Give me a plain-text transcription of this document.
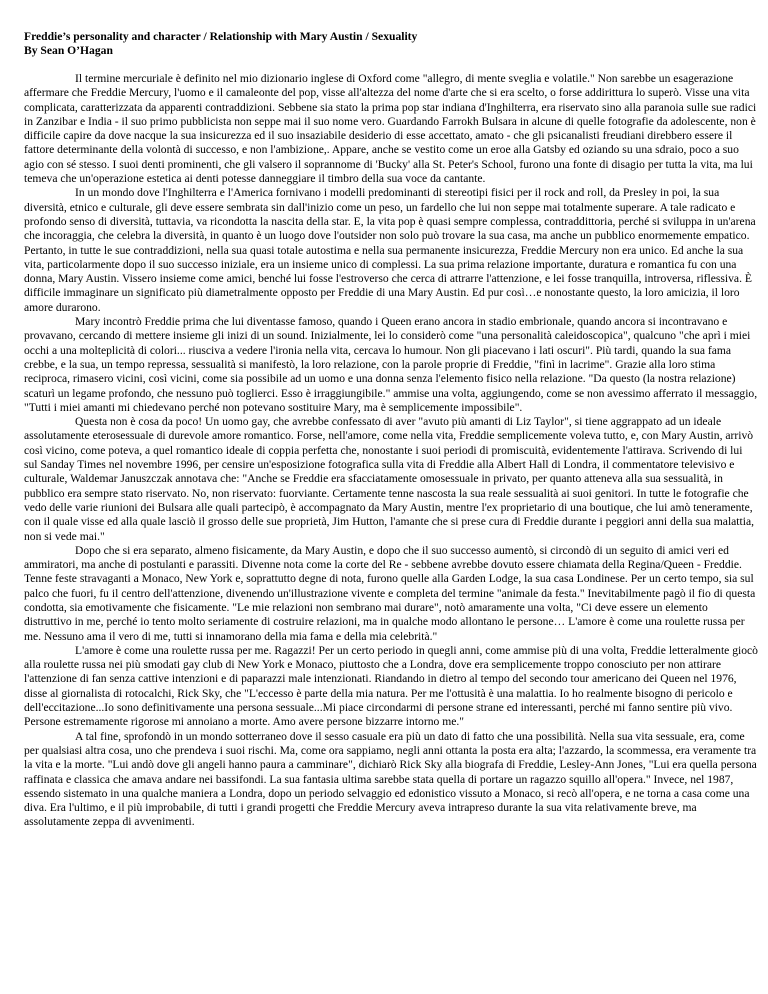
Freddie’s personality and character / Relationship with Mary Austin / Sexuality

By Sean O’Hagan

Il termine mercuriale è definito nel mio dizionario inglese di Oxford come "allegro, di mente sveglia e volatile." Non sarebbe un esagerazione affermare che Freddie Mercury, l'uomo e il camaleonte del pop, visse all'altezza del nome d'arte che si era scelto, o forse addirittura lo superò. Visse una vita complicata, caratterizzata da apparenti contraddizioni. Sebbene sia stato la prima pop star indiana d'Inghilterra, era riservato sino alla paranoia sulle sue radici in Zanzibar e India - il suo primo pubblicista non seppe mai il suo nome vero. Guardando Farrokh Bulsara in alcune di quelle fotografie da adolescente, non è difficile capire da dove nacque la sua insicurezza ed il suo insaziabile desiderio di esse accettato, amato - che gli psicanalisti freudiani direbbero essere il fattore determinante della volontà di successo, e non l'ambizione,. Appare, anche se vestito come un eroe alla Gatsby ed oziando su una sdraio, poco a suo agio con sé stesso. I suoi denti prominenti, che gli valsero il soprannome di 'Bucky' alla St. Peter's School, furono una fonte di disagio per tutta la vita, ma lui temeva che un'operazione estetica ai denti potesse danneggiare il timbro della sua voce da cantante.

In un mondo dove l'Inghilterra e l'America fornivano i modelli predominanti di stereotipi fisici per il rock and roll, da Presley in poi, la sua diversità, etnico e culturale, gli deve essere sembrata sin dall'inizio come un peso, un fardello che lui non seppe mai totalmente superare. A tale radicato e profondo senso di diversità, tuttavia, va ricondotta la nascita della star. E, la vita pop è quasi sempre complessa, contraddittoria, perché si sviluppa in un'arena che incoraggia, che celebra la diversità, in quanto è un luogo dove l'outsider non solo può trovare la sua casa, ma anche un pubblico enormemente empatico. Pertanto, in tutte le sue contraddizioni, nella sua quasi totale autostima e nella sua permanente insicurezza, Freddie Mercury non era unico. Ed anche la sua vita, particolarmente dopo il suo successo iniziale, era un insieme unico di complessi. La sua prima relazione importante, duratura e romantica fu con una donna, Mary Austin. Vissero insieme come amici, benché lui fosse l'estroverso che cerca di attrarre l'attenzione, e lei fosse tranquilla, introversa, riflessiva. È difficile immaginare un significato più diametralmente opposto per Freddie di una Mary Austin. Ed pur così…e nonostante questo, la loro amicizia, il loro amore durarono.

Mary incontrò Freddie prima che lui diventasse famoso, quando i Queen erano ancora in stadio embrionale, quando ancora si incontravano e provavano, cercando di mettere insieme gli inizi di un sound. Inizialmente, lei lo considerò come "una personalità caleidoscopica", qualcuno "che aprì i miei occhi a una molteplicità di colori... riusciva a vedere l'ironia nella vita, cercava lo humour. Non gli piacevano i lati oscuri". Più tardi, quando la sua fama crebbe, e la sua, un tempo repressa, sessualità si manifestò, la loro relazione, con la parole proprie di Freddie, "finì in lacrime". Grazie alla loro stima reciproca, rimasero vicini, così vicini, come sia possibile ad un uomo e una donna senza l'elemento fisico nella relazione. "Da questo (la nostra relazione) scaturì un legame profondo, che nessuno può toglierci. Esso è irraggiungibile." ammise una volta, aggiungendo, come se non avessimo afferrato il messaggio, "Tutti i miei amanti mi chiedevano perché non potevano sostituire Mary, ma è semplicemente impossibile".

Questa non è cosa da poco! Un uomo gay, che avrebbe confessato di aver "avuto più amanti di Liz Taylor", si tiene aggrappato ad un ideale assolutamente eterosessuale di durevole amore romantico. Forse, nell'amore, come nella vita, Freddie semplicemente voleva tutto, e, con Mary Austin, arrivò così vicino, come poteva, a quel romantico ideale di coppia perfetta che, nonostante i suoi periodi di promiscuità, evidentemente l'attirava. Scrivendo di lui sul Sanday Times nel novembre 1996, per censire un'esposizione fotografica sulla vita di Freddie alla Albert Hall di Londra, il commentatore televisivo e culturale, Waldemar Januszczak annotava che: "Anche se Freddie era sfacciatamente omosessuale in privato, per quanto atteneva alla sua sessualità, in pubblico era sempre stato riservato. No, non riservato: fuorviante. Certamente tenne nascosta la sua reale sessualità ai suoi genitori. In tutte le fotografie che vedo delle varie riunioni dei Bulsara alle quali partecipò, è accompagnato da Mary Austin, mentre l'ex proprietario di una boutique, che lui amò teneramente, con il quale visse ed alla quale lasciò il grosso delle sue proprietà, Jim Hutton, l'amante che si prese cura di Freddie durante i peggiori anni della sua malattia, non si vede mai."

Dopo che si era separato, almeno fisicamente, da Mary Austin, e dopo che il suo successo aumentò, si circondò di un seguito di amici veri ed ammiratori, ma anche di postulanti e parassiti. Divenne nota come la corte del Re - sebbene avrebbe dovuto essere chiamata della Regina/Queen - Freddie. Tenne feste stravaganti a Monaco, New York e, soprattutto degne di nota, furono quelle alla Garden Lodge, la sua casa Londinese. Per un certo tempo, sia sul palco che fuori, fu il centro dell'attenzione, divenendo un'illustrazione vivente e completa del termine "animale da festa." Inevitabilmente pagò il fio di questa condotta, sia emotivamente che fisicamente. "Le mie relazioni non sembrano mai durare", notò amaramente una volta, "Ci deve essere un elemento distruttivo in me, perché io tento molto seriamente di costruire relazioni, ma in qualche modo allontano le persone… L'amore è come una roulette russa per me. Nessuno ama il vero di me, tutti si innamorano della mia fama e della mia celebrità."

L'amore è come una roulette russa per me. Ragazzi! Per un certo periodo in quegli anni, come ammise più di una volta, Freddie letteralmente giocò alla roulette russa nei più smodati gay club di New York e Monaco, piuttosto che a Londra, dove era semplicemente troppo conosciuto per non attirare l'attenzione di fan senza cattive intenzioni e di paparazzi male intenzionati. Riandando in dietro al tempo del secondo tour americano dei Queen nel 1976, disse al giornalista di rotocalchi, Rick Sky, che "L'eccesso è parte della mia natura. Per me l'ottusità è una malattia. Io ho realmente bisogno di pericolo e dell'eccitazione...Io sono definitivamente una persona sessuale...Mi piace circondarmi di persone strane ed interessanti, perché mi fanno sentire più vivo. Persone estremamente rigorose mi annoiano a morte. Amo avere persone bizzarre intorno me."

A tal fine, sprofondò in un mondo sotterraneo dove il sesso casuale era più un dato di fatto che una possibilità. Nella sua vita sessuale, era, come per qualsiasi altra cosa, uno che prendeva i suoi rischi. Ma, come ora sappiamo, negli anni ottanta la posta era alta; l'azzardo, la scommessa, era veramente tra la vita e la morte. "Lui andò dove gli angeli hanno paura a camminare", dichiarò Rick Sky alla biografa di Freddie, Lesley-Ann Jones, "Lui era quella persona raffinata e classica che amava andare nei bassifondi. La sua fantasia ultima sarebbe stata quella di portare un ragazzo squillo all'opera." Invece, nel 1987, essendo sistemato in una qualche maniera a Londra, dopo un periodo selvaggio ed edonistico vissuto a Monaco, si recò all'opera, e ne torna a casa come una diva. Era l'ultimo, e il più improbabile, di tutti i grandi progetti che Freddie Mercury aveva intrapreso durante la sua vita relativamente breve, ma assolutamente zeppa di avvenimenti.
